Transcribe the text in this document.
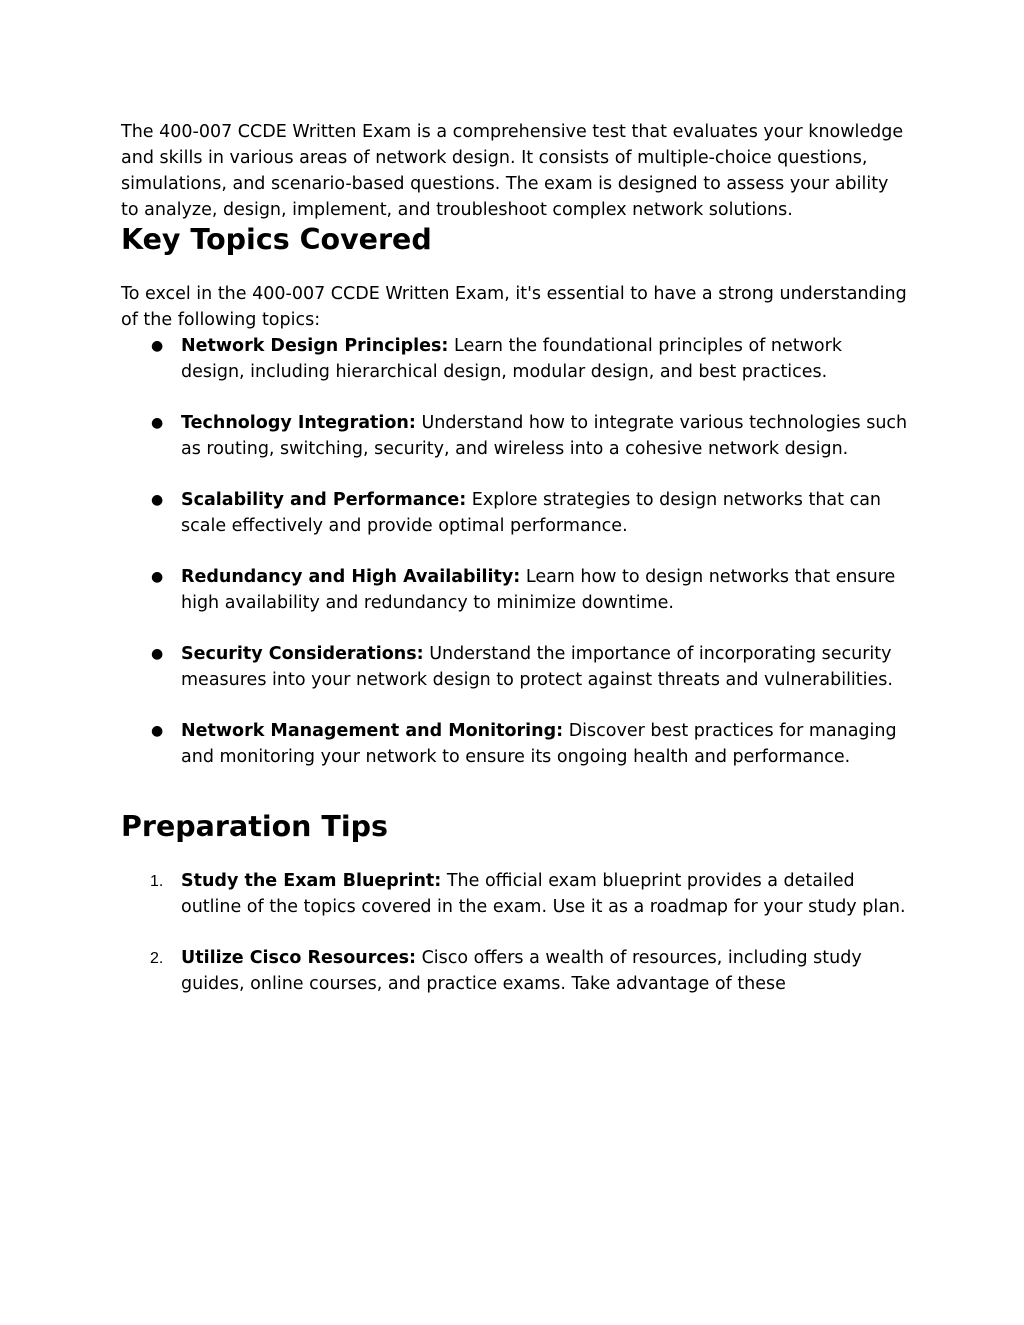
The 400-007 CCDE Written Exam is a comprehensive test that evaluates your knowledge and skills in various areas of network design. It consists of multiple-choice questions, simulations, and scenario-based questions. The exam is designed to assess your ability to analyze, design, implement, and troubleshoot complex network solutions.

Key Topics Covered

To excel in the 400-007 CCDE Written Exam, it's essential to have a strong understanding of the following topics:

● Network Design Principles: Learn the foundational principles of network design, including hierarchical design, modular design, and best practices.
● Technology Integration: Understand how to integrate various technologies such as routing, switching, security, and wireless into a cohesive network design.
● Scalability and Performance: Explore strategies to design networks that can scale effectively and provide optimal performance.
● Redundancy and High Availability: Learn how to design networks that ensure high availability and redundancy to minimize downtime.
● Security Considerations: Understand the importance of incorporating security measures into your network design to protect against threats and vulnerabilities.
● Network Management and Monitoring: Discover best practices for managing and monitoring your network to ensure its ongoing health and performance.
Preparation Tips
1. Study the Exam Blueprint: The official exam blueprint provides a detailed outline of the topics covered in the exam. Use it as a roadmap for your study plan.
2. Utilize Cisco Resources: Cisco offers a wealth of resources, including study guides, online courses, and practice exams. Take advantage of these
